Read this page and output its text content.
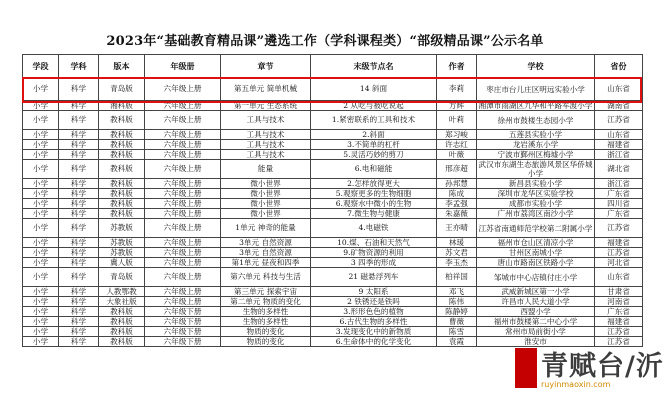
2023年“基础教育精品课”遴选工作（学科课程类）“部级精品课”公示名单
学段	学科	版本	年级册	章节	末级节点名	作者	学校	省份
小学	科学	青岛版	六年级上册	第五单元 简单机械	14 斜面	李莉	枣庄市台儿庄区明远实验小学	山东省
小学	科学	湘科版	六年级上册	第一单元 生态系统	2 从吃与被吃说起	方辉	湘潭市雨湖区九华和平路军渡小学	湖南省
小学	科学	教科版	六年级上册	工具与技术	1.紧密联系的工具和技术	叶莉	徐州市鼓楼生态园小学	江苏省
小学	科学	教科版	六年级上册	工具与技术	2.斜面	郑习峻	五莲县实验小学	山东省
小学	科学	教科版	六年级上册	工具与技术	3.不简单的杠杆	许志红	龙岩溪东小学	福建省
小学	科学	教科版	六年级上册	工具与技术	5.灵活巧妙的剪刀	叶薇	宁波市鄞州区梅墟小学	浙江省
小学	科学	教科版	六年级上册	能量	6.电和磁能	邢彦超	武汉市东湖生态旅游风景区华侨城小学	湖北省
小学	科学	教科版	六年级上册	微小世界	2.怎样放得更大	孙邦慧	新昌县实验小学	浙江省
小学	科学	教科版	六年级上册	微小世界	5.观察更多的生物细胞	陈成	深圳市龙华区实验学校	广东省
小学	科学	教科版	六年级上册	微小世界	6.观察水中微小的生物	李孟强	成都市实验小学	四川省
小学	科学	教科版	六年级上册	微小世界	7.微生物与健康	朱嘉薇	广州市荔湾区南沙小学	广东省
小学	科学	苏教版	六年级上册	1单元 神奇的能量	4.电磁铁	王亦晴	江苏省南通师范学校第二附属小学	江苏省
小学	科学	苏教版	六年级上册	3单元 自然资源	10.煤、石油和天然气	林瑗	福州市仓山区清凉小学	福建省
小学	科学	苏教版	六年级上册	3单元 自然资源	9.矿物资源的利用	苏文君	甘州区南城小学	江苏省
小学	科学	冀人版	六年级上册	第1单元 昼夜和四季	3 四季的形成	李玉杰	唐山市路南区铁路小学	河北省
小学	科学	青岛版	六年级上册	第六单元 科技与生活	21 磁悬浮列车	柏祥国	邹城市中心店镇付庄小学	山东省
小学	科学	人教鄂教	六年级上册	第三单元 探索宇宙	9 太阳系	邓飞	武威新城区第一小学	甘肃省
小学	科学	大象社版	六年级上册	第二单元 物质的变化	2 铁锈还是铁吗	陈伟	许昌市人民大道小学	河南省
小学	科学	教科版	六年级下册	生物的多样性	3.形形色色的植物	陈静婷	西盟小学	广东省
小学	科学	教科版	六年级下册	生物的多样性	6.古代生物的多样性	曹薇	福州市鼓楼第二中心小学	福建省
小学	科学	教科版	六年级下册	物质的变化	3.发现变化中的新物质	陈雪	常州市局前街小学	江苏省
小学	科学	教科版	六年级下册	物质的变化	6.生命体中的化学变化	袁霞	淮安市	江苏省
青赋台/沂
ruyinmaoxin.com
